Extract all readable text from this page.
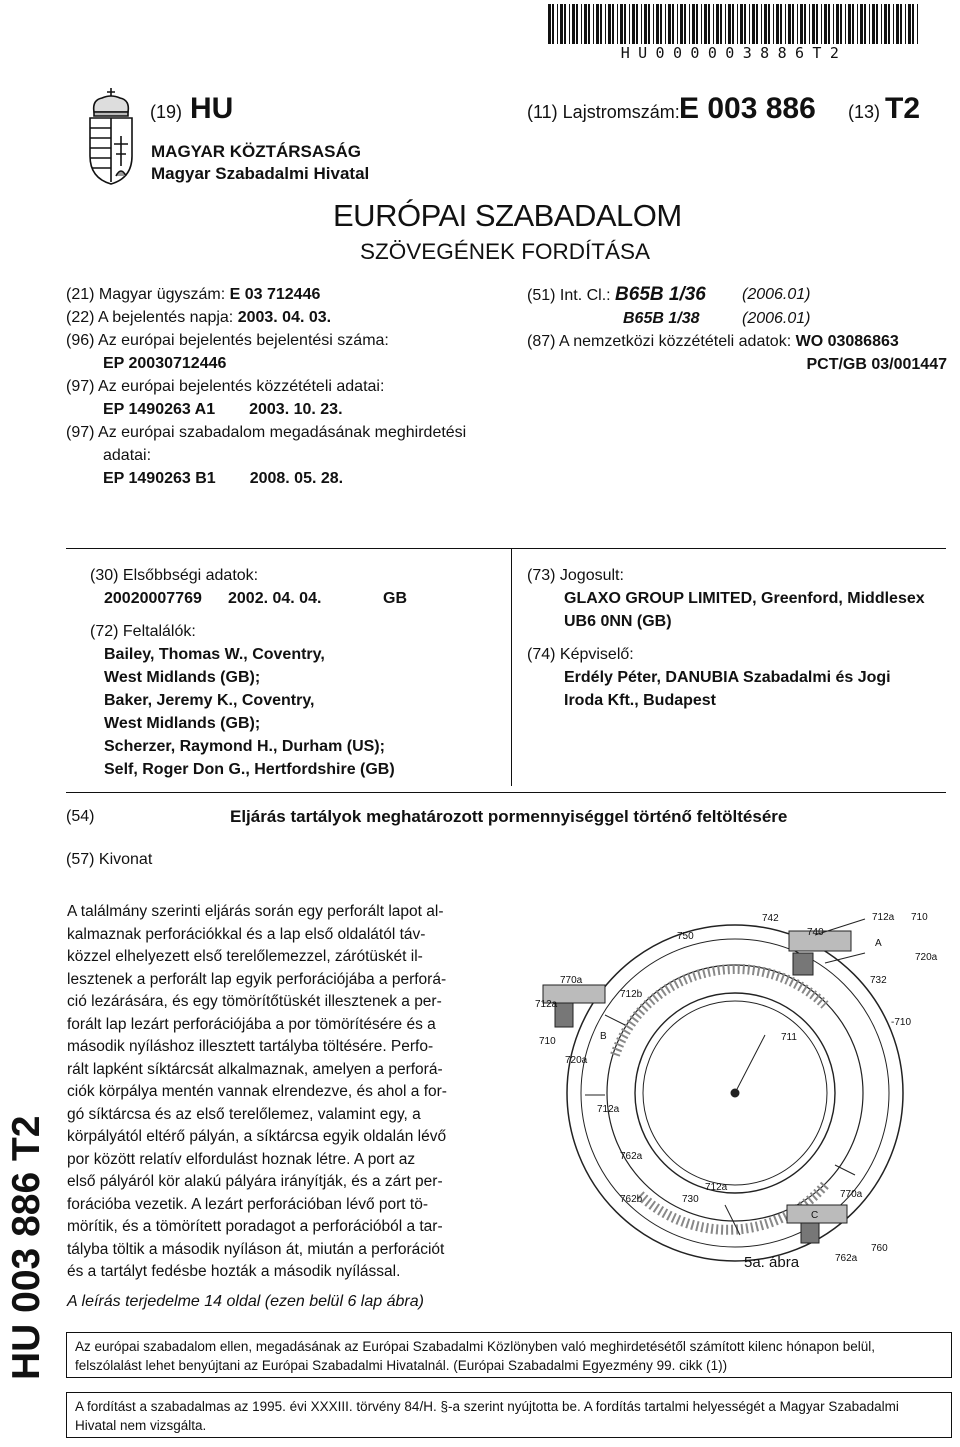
HU000003886T2
(19) HU
MAGYAR KÖZTÁRSASÁG
Magyar Szabadalmi Hivatal
(11) Lajstromszám: E 003 886 (13) T2
EURÓPAI SZABADALOM
SZÖVEGÉNEK FORDÍTÁSA
(21) Magyar ügyszám: E 03 712446
(22) A bejelentés napja: 2003. 04. 03.
(96) Az európai bejelentés bejelentési száma:
EP 20030712446
(97) Az európai bejelentés közzétételi adatai:
EP 1490263 A1 2003. 10. 23.
(97) Az európai szabadalom megadásának meghirdetési
adatai:
EP 1490263 B1 2008. 05. 28.
(51) Int. Cl.: B65B 1/36 (2006.01)
B65B 1/38	(2006.01)
(87) A nemzetközi közzétételi adatok: WO 03086863
PCT/GB 03/001447
(30) Elsőbbségi adatok:
20020007769 2002. 04. 04.	GB
(72) Feltalálók:
Bailey, Thomas W., Coventry,
West Midlands (GB);
Baker, Jeremy K., Coventry,
West Midlands (GB);
Scherzer, Raymond H., Durham (US);
Self, Roger Don G., Hertfordshire (GB)
(73) Jogosult:
GLAXO GROUP LIMITED, Greenford, Middlesex
UB6 0NN (GB)
(74) Képviselő:
Erdély Péter, DANUBIA Szabadalmi és Jogi
Iroda Kft., Budapest
(54)	Eljárás tartályok meghatározott pormennyiséggel történő feltöltésére
(57) Kivonat
A találmány szerinti eljárás során egy perforált lapot al-
kalmaznak perforációkkal és a lap első oldalától táv-
közzel elhelyezett első terelőlemezzel, zárótüskét il-
lesztenek a perforált lap egyik perforációjába a perforá-
ció lezárására, és egy tömörítőtüskét illesztenek a per-
forált lap lezárt perforációjába a por tömörítésére és a
második nyíláshoz illesztett tartályba töltésére. Perfo-
rált lapként síktárcsát alkalmaznak, amelyen a perforá-
ciók körpálya mentén vannak elrendezve, és ahol a for-
gó síktárcsa és az első terelőlemez, valamint egy, a
körpályától eltérő pályán, a síktárcsa egyik oldalán lévő
por között relatív elfordulást hoznak létre. A port az
első pályáról kör alakú pályára irányítják, és a zárt per-
forációba vezetik. A lezárt perforációban lévő port tö-
mörítik, és a tömörített poradagot a perforációból a tar-
tályba töltik a második nyíláson át, miután a perforációt
és a tartályt fedésbe hozták a második nyílással.
A leírás terjedelme 14 oldal (ezen belül 6 lap ábra)
742	712a 710
750	740
A
720a
770a
712b
732
712a
-710
710	B	711
720a
712a
762a
770a
C
762b	730
712a
762a
760
5a. ábra
Az európai szabadalom ellen, megadásának az Európai Szabadalmi Közlönyben való meghirdetésétől számított kilenc hónapon belül, felszólalást lehet benyújtani az Európai Szabadalmi Hivatalnál. (Európai Szabadalmi Egyezmény 99. cikk (1))
A fordítást a szabadalmas az 1995. évi XXXIII. törvény 84/H. §-a szerint nyújtotta be. A fordítás tartalmi helyességét a Magyar Szabadalmi Hivatal nem vizsgálta.
HU 003 886 T2
